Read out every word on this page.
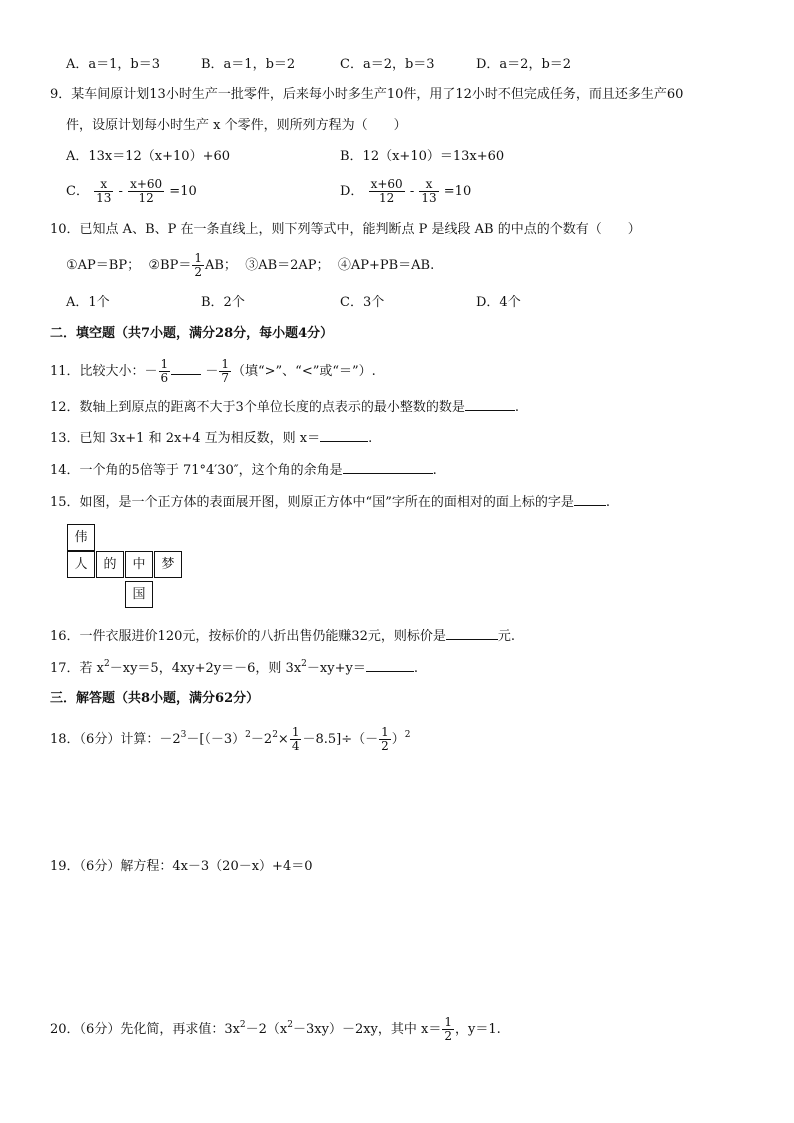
A．a＝1，b＝3	B．a＝1，b＝2	C．a＝2，b＝3	D．a＝2，b＝2
9．某车间原计划13小时生产一批零件，后来每小时多生产10件，用了12小时不但完成任务，而且还多生产60
件，设原计划每小时生产 x 个零件，则所列方程为（　　）
A．13x＝12（x+10）+60	B．12（x+10）＝13x+60
C． $\frac{x}{13} - \frac{x+60}{12} =10$	D． $\frac{x+60}{12} - \frac{x}{13} =10$
10．已知点 A、B、P 在一条直线上，则下列等式中，能判断点 P 是线段 AB 的中点的个数有（　　）
①AP＝BP； ②BP＝ $\frac{1}{2}$ AB； ③AB＝2AP； ④AP+PB＝AB.
A．1个	B．2个	C．3个	D．4个
二．填空题（共7小题，满分28分，每小题4分）
11．比较大小：－ $\frac{1}{6}$	－ $\frac{1}{7}$ （填“>”、“<”或“＝”）.
12．数轴上到原点的距离不大于3个单位长度的点表示的最小整数的数是	.
13．已知 3x+1 和 2x+4 互为相反数，则 x＝	.
14．一个角的5倍等于 71°4′30″，这个角的余角是	.
15．如图，是一个正方体的表面展开图，则原正方体中“国”字所在的面相对的面上标的字是 .
伟
人	的	中	梦
国
16．一件衣服进价120元，按标价的八折出售仍能赚32元，则标价是	元.
17．若 $x^2-xy=5$，4xy+2y＝－6，则 $3x^2-xy+y=$	.
三．解答题（共8小题，满分62分）
18．（6分）计算：$-2^3-[(-3)^2-2^2\times \frac{1}{4} -8.5]\div(- \frac{1}{2} )^2$
19．（6分）解方程：4x－3（20－x）+4＝0
20．（6分）先化简，再求值：$3x^2-2(x^2-3xy)-2xy$，其中 $x= \frac{1}{2}$ ，y＝1.
